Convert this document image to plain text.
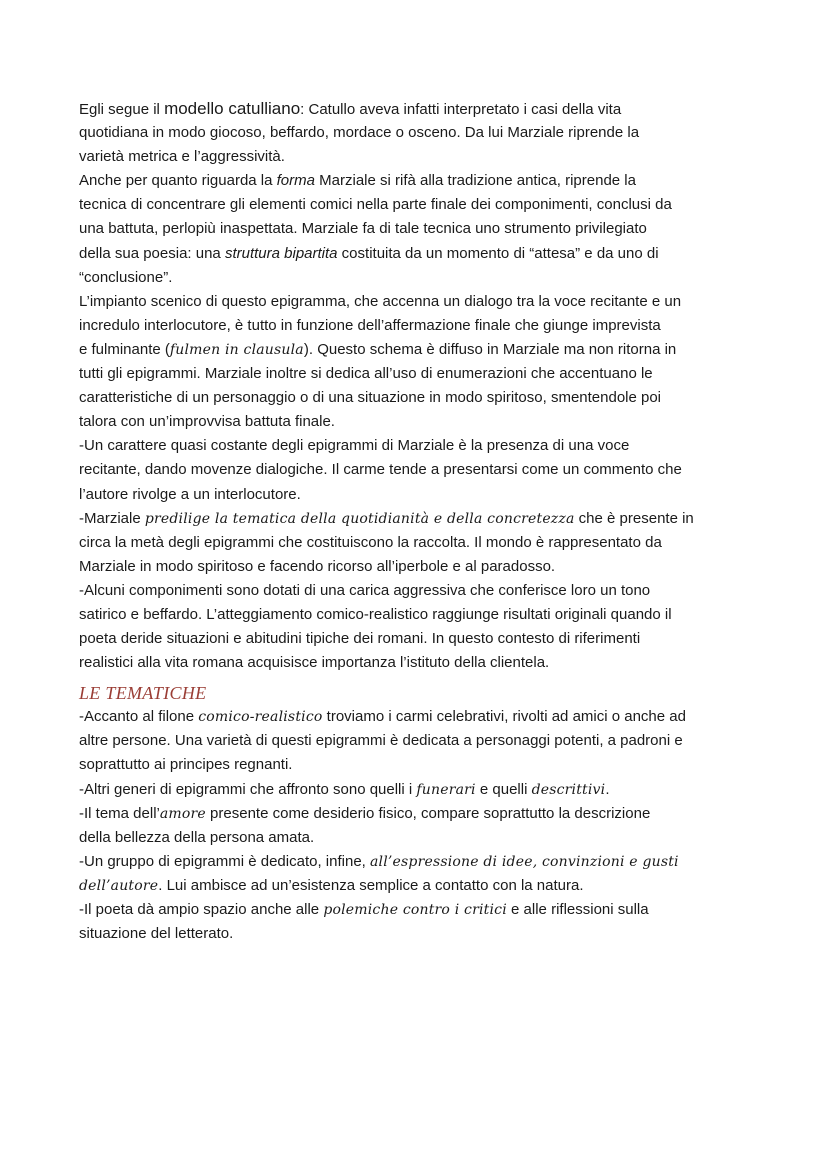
Egli segue il modello catulliano: Catullo aveva infatti interpretato i casi della vita
quotidiana in modo giocoso, beffardo, mordace o osceno. Da lui Marziale riprende la
varietà metrica e l’aggressività.
Anche per quanto riguarda la forma Marziale si rifà alla tradizione antica, riprende la
tecnica di concentrare gli elementi comici nella parte finale dei componimenti, conclusi da
una battuta, perlopiù inaspettata. Marziale fa di tale tecnica uno strumento privilegiato
della sua poesia: una struttura bipartita costituita da un momento di “attesa” e da uno di
“conclusione”.
L’impianto scenico di questo epigramma, che accenna un dialogo tra la voce recitante e un
incredulo interlocutore, è tutto in funzione dell’affermazione finale che giunge imprevista
e fulminante (fulmen in clausula). Questo schema è diffuso in Marziale ma non ritorna in
tutti gli epigrammi. Marziale inoltre si dedica all’uso di enumerazioni che accentuano le
caratteristiche di un personaggio o di una situazione in modo spiritoso, smentendole poi
talora con un’improvvisa battuta finale.
-Un carattere quasi costante degli epigrammi di Marziale è la presenza di una voce
recitante, dando movenze dialogiche. Il carme tende a presentarsi come un commento che
l’autore rivolge a un interlocutore.
-Marziale predilige la tematica della quotidianità e della concretezza che è presente in
circa la metà degli epigrammi che costituiscono la raccolta. Il mondo è rappresentato da
Marziale in modo spiritoso e facendo ricorso all’iperbole e al paradosso.
-Alcuni componimenti sono dotati di una carica aggressiva che conferisce loro un tono
satirico e beffardo. L’atteggiamento comico-realistico raggiunge risultati originali quando il
poeta deride situazioni e abitudini tipiche dei romani. In questo contesto di riferimenti
realistici alla vita romana acquisisce importanza l’istituto della clientela.
LE TEMATICHE
-Accanto al filone comico-realistico troviamo i carmi celebrativi, rivolti ad amici o anche ad
altre persone. Una varietà di questi epigrammi è dedicata a personaggi potenti, a padroni e
soprattutto ai principes regnanti.
-Altri generi di epigrammi che affronto sono quelli i funerari e quelli descrittivi.
-Il tema dell’amore presente come desiderio fisico, compare soprattutto la descrizione
della bellezza della persona amata.
-Un gruppo di epigrammi è dedicato, infine, all’espressione di idee, convinzioni e gusti
dell’autore. Lui ambisce ad un’esistenza semplice a contatto con la natura.
-Il poeta dà ampio spazio anche alle polemiche contro i critici e alle riflessioni sulla
situazione del letterato.
